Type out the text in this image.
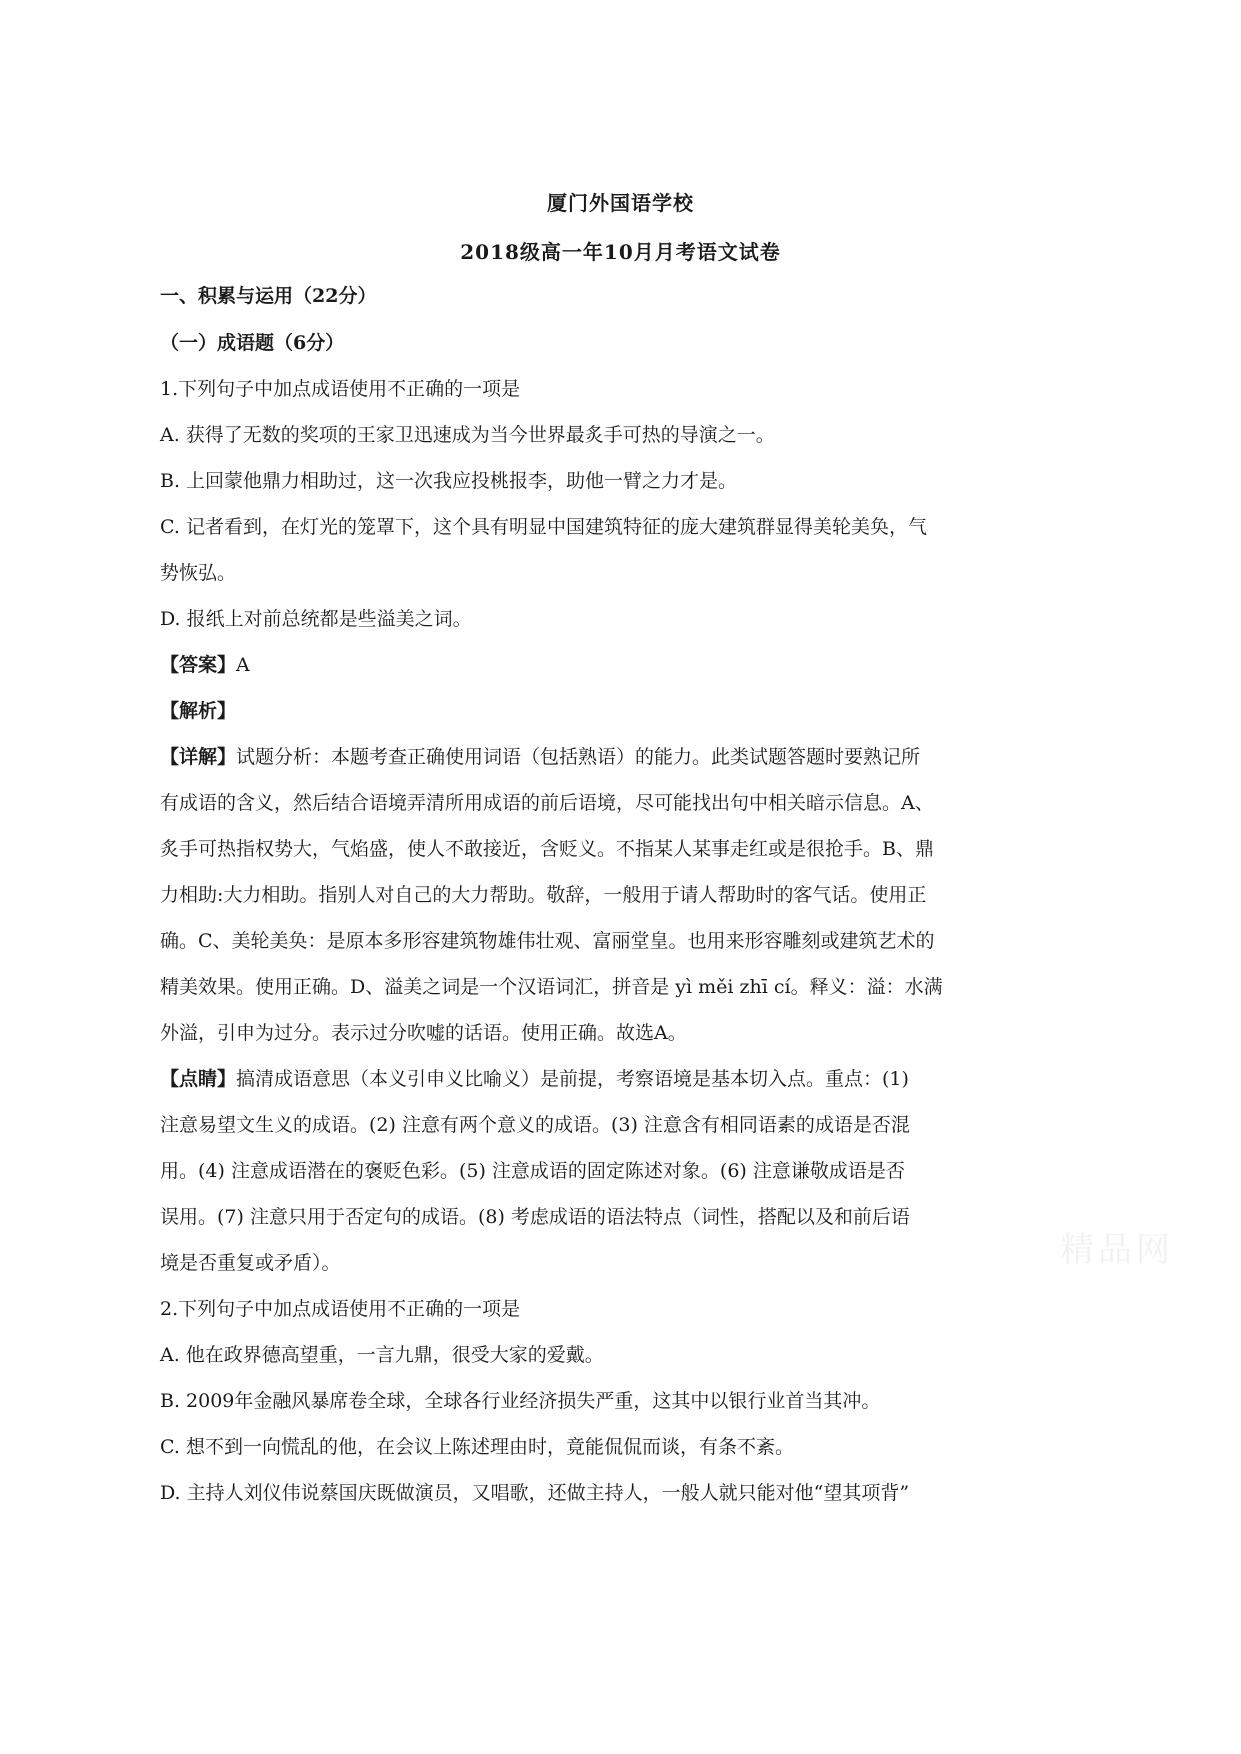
厦门外国语学校
2018级高一年10月月考语文试卷
一、积累与运用（22分）
（一）成语题（6分）
1.下列句子中加点成语使用不正确的一项是
A. 获得了无数的奖项的王家卫迅速成为当今世界最炙手可热的导演之一。
B. 上回蒙他鼎力相助过，这一次我应投桃报李，助他一臂之力才是。
C. 记者看到，在灯光的笼罩下，这个具有明显中国建筑特征的庞大建筑群显得美轮美奂，气
势恢弘。
D. 报纸上对前总统都是些溢美之词。
【答案】A
【解析】
【详解】试题分析：本题考查正确使用词语（包括熟语）的能力。此类试题答题时要熟记所
有成语的含义，然后结合语境弄清所用成语的前后语境，尽可能找出句中相关暗示信息。A、
炙手可热指权势大，气焰盛，使人不敢接近，含贬义。不指某人某事走红或是很抢手。B、鼎
力相助:大力相助。指别人对自己的大力帮助。敬辞，一般用于请人帮助时的客气话。使用正
确。C、美轮美奂：是原本多形容建筑物雄伟壮观、富丽堂皇。也用来形容雕刻或建筑艺术的
精美效果。使用正确。D、溢美之词是一个汉语词汇，拼音是 yì měi zhī cí。释义：溢：水满
外溢，引申为过分。表示过分吹嘘的话语。使用正确。故选A。
【点睛】搞清成语意思（本义引申义比喻义）是前提，考察语境是基本切入点。重点：(1)
注意易望文生义的成语。(2) 注意有两个意义的成语。(3) 注意含有相同语素的成语是否混
用。(4) 注意成语潜在的褒贬色彩。(5) 注意成语的固定陈述对象。(6) 注意谦敬成语是否
误用。(7) 注意只用于否定句的成语。(8) 考虑成语的语法特点（词性，搭配以及和前后语
境是否重复或矛盾）。
2.下列句子中加点成语使用不正确的一项是
A. 他在政界德高望重，一言九鼎，很受大家的爱戴。
B. 2009年金融风暴席卷全球，全球各行业经济损失严重，这其中以银行业首当其冲。
C. 想不到一向慌乱的他，在会议上陈述理由时，竟能侃侃而谈，有条不紊。
D. 主持人刘仪伟说蔡国庆既做演员，又唱歌，还做主持人，一般人就只能对他“望其项背”
精品网
